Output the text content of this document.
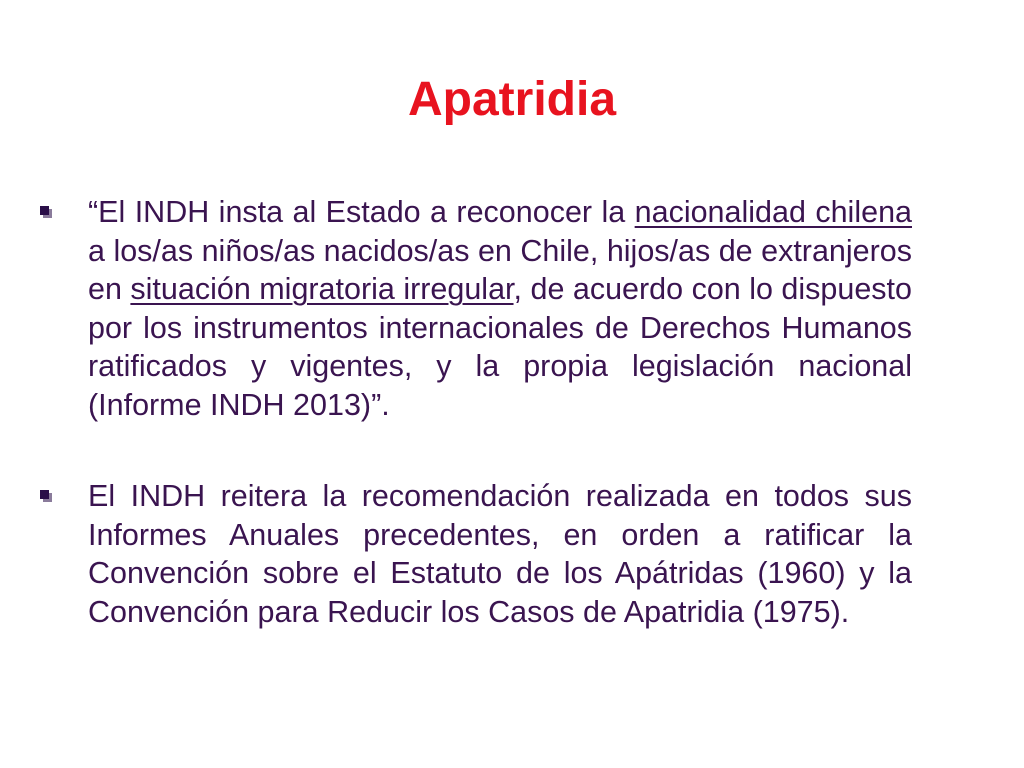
Apatridia

“El INDH insta al Estado a reconocer la nacionalidad chilena a los/as niños/as nacidos/as en Chile, hijos/as de extranjeros en situación migratoria irregular, de acuerdo con lo dispuesto por los instrumentos internacionales de Derechos Humanos ratificados y vigentes, y la propia legislación nacional (Informe INDH 2013)”.

El INDH reitera la recomendación realizada en todos sus Informes Anuales precedentes, en orden a ratificar la Convención sobre el Estatuto de los Apátridas (1960) y la Convención para Reducir los Casos de Apatridia (1975).
